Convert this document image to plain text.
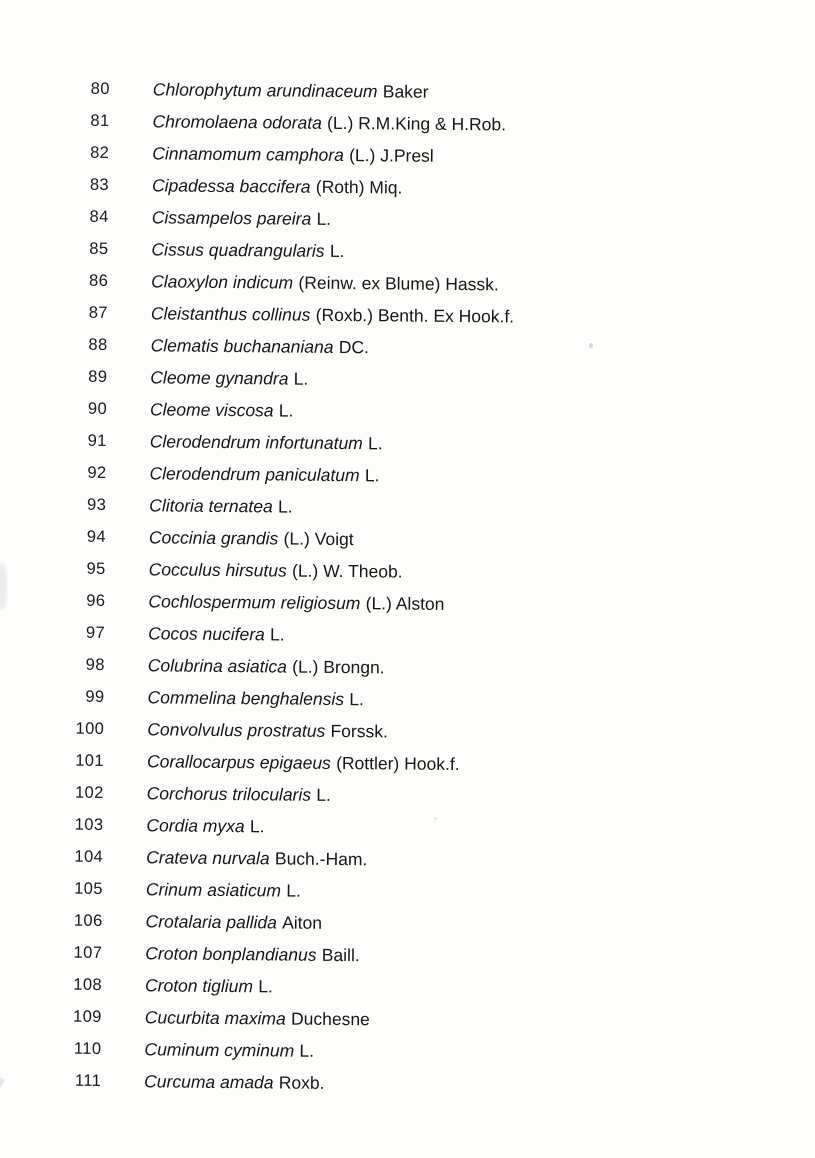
80 Chlorophytum arundinaceum Baker
81 Chromolaena odorata (L.) R.M.King & H.Rob.
82 Cinnamomum camphora (L.) J.Presl
83 Cipadessa baccifera (Roth) Miq.
84 Cissampelos pareira L.
85 Cissus quadrangularis L.
86 Claoxylon indicum (Reinw. ex Blume) Hassk.
87 Cleistanthus collinus (Roxb.) Benth. Ex Hook.f.
88 Clematis buchananiana DC.
89 Cleome gynandra L.
90 Cleome viscosa L.
91 Clerodendrum infortunatum L.
92 Clerodendrum paniculatum L.
93 Clitoria ternatea L.
94 Coccinia grandis (L.) Voigt
95 Cocculus hirsutus (L.) W. Theob.
96 Cochlospermum religiosum (L.) Alston
97 Cocos nucifera L.
98 Colubrina asiatica (L.) Brongn.
99 Commelina benghalensis L.
100 Convolvulus prostratus Forssk.
101 Corallocarpus epigaeus (Rottler) Hook.f.
102 Corchorus trilocularis L.
103 Cordia myxa L.
104 Crateva nurvala Buch.-Ham.
105 Crinum asiaticum L.
106 Crotalaria pallida Aiton
107 Croton bonplandianus Baill.
108 Croton tiglium L.
109 Cucurbita maxima Duchesne
110 Cuminum cyminum L.
111 Curcuma amada Roxb.
